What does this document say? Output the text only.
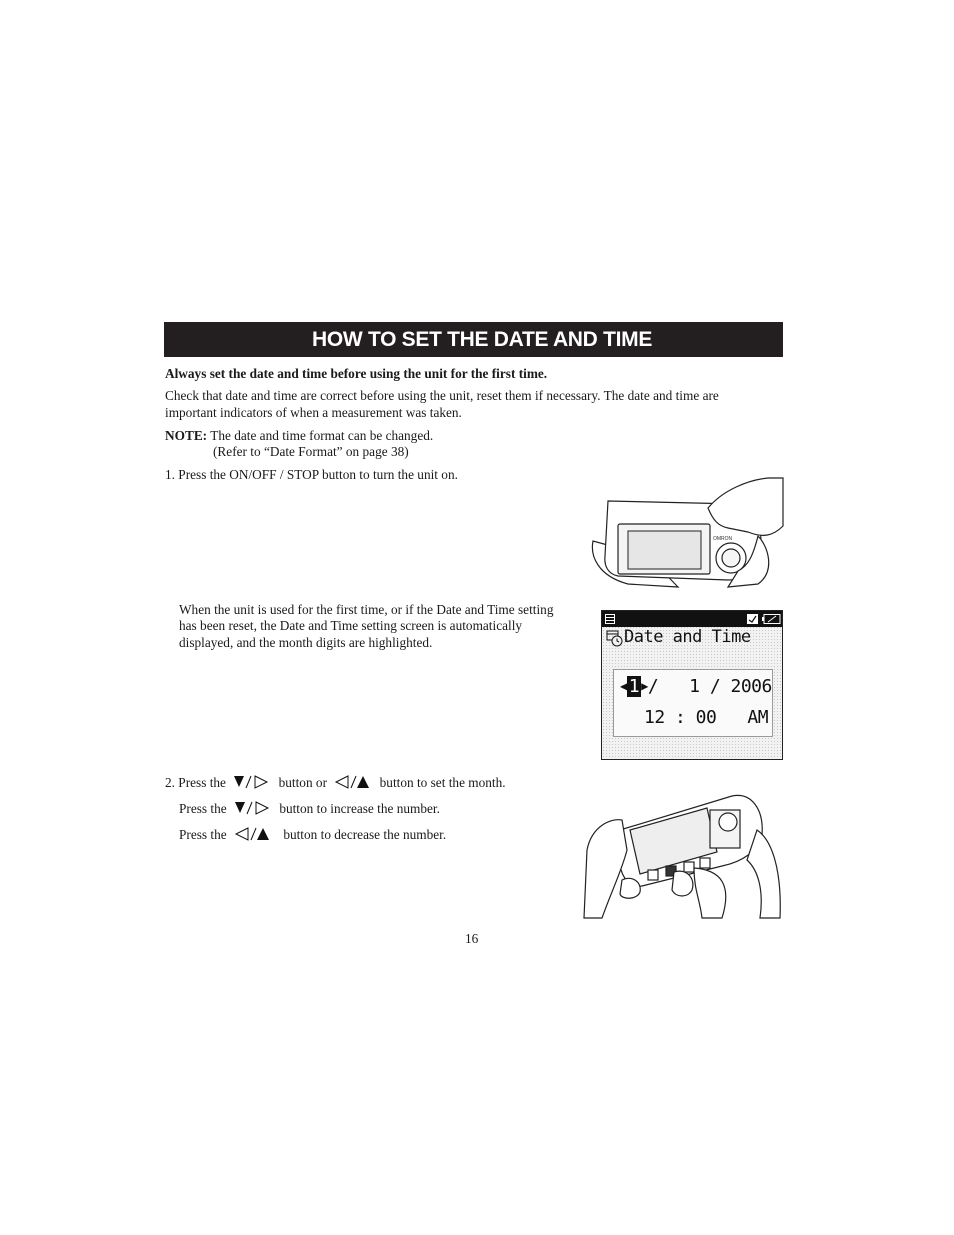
HOW TO SET THE DATE AND TIME
Always set the date and time before using the unit for the first time.
Check that date and time are correct before using the unit, reset them if necessary. The date and time are
important indicators of when a measurement was taken.
NOTE: The date and time format can be changed.
(Refer to “Date Format” on page 38)
1. Press the ON/OFF / STOP button to turn the unit on.
OMRON
When the unit is used for the first time, or if the Date and Time setting
has been reset, the Date and Time setting screen is automatically
displayed, and the month digits are highlighted.	Date and Time
◀ 1 ▶/   1 / 2006
12 : 00   AM
2. Press the	button or	button to set the month.
Press the	button to increase the number.
Press the	button to decrease the number.
16
